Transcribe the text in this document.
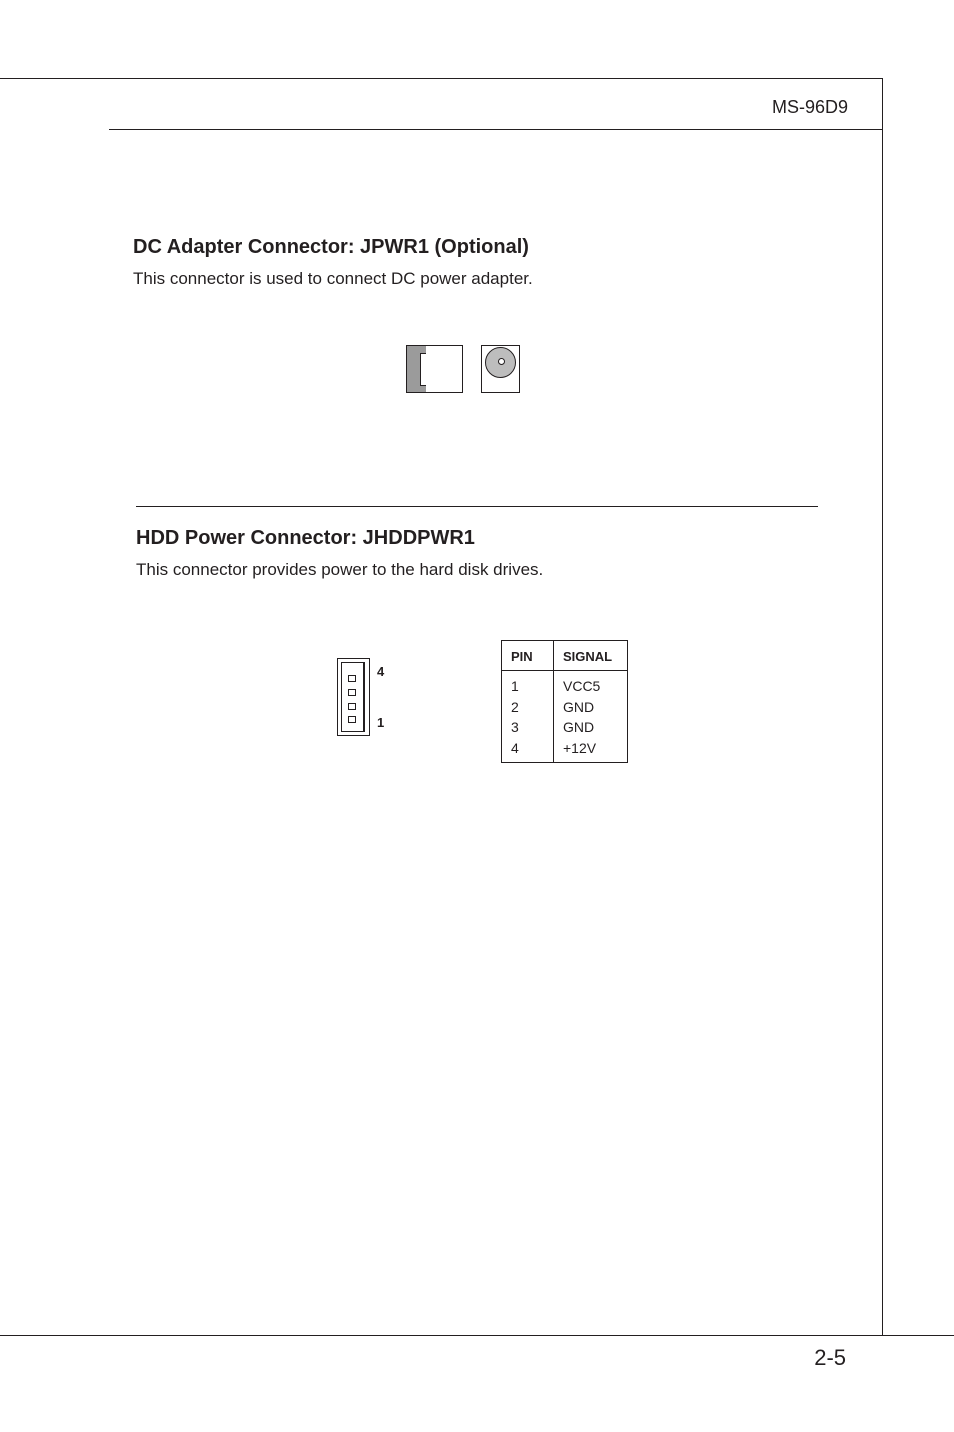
MS-96D9
2-5
DC Adapter Connector: JPWR1 (Optional)
This connector is used to connect DC power adapter.
HDD Power Connector: JHDDPWR1
This connector provides power to the hard disk drives.
4
1
PIN SIGNAL
1	VCC5
2	GND
3	GND
4	+12V
